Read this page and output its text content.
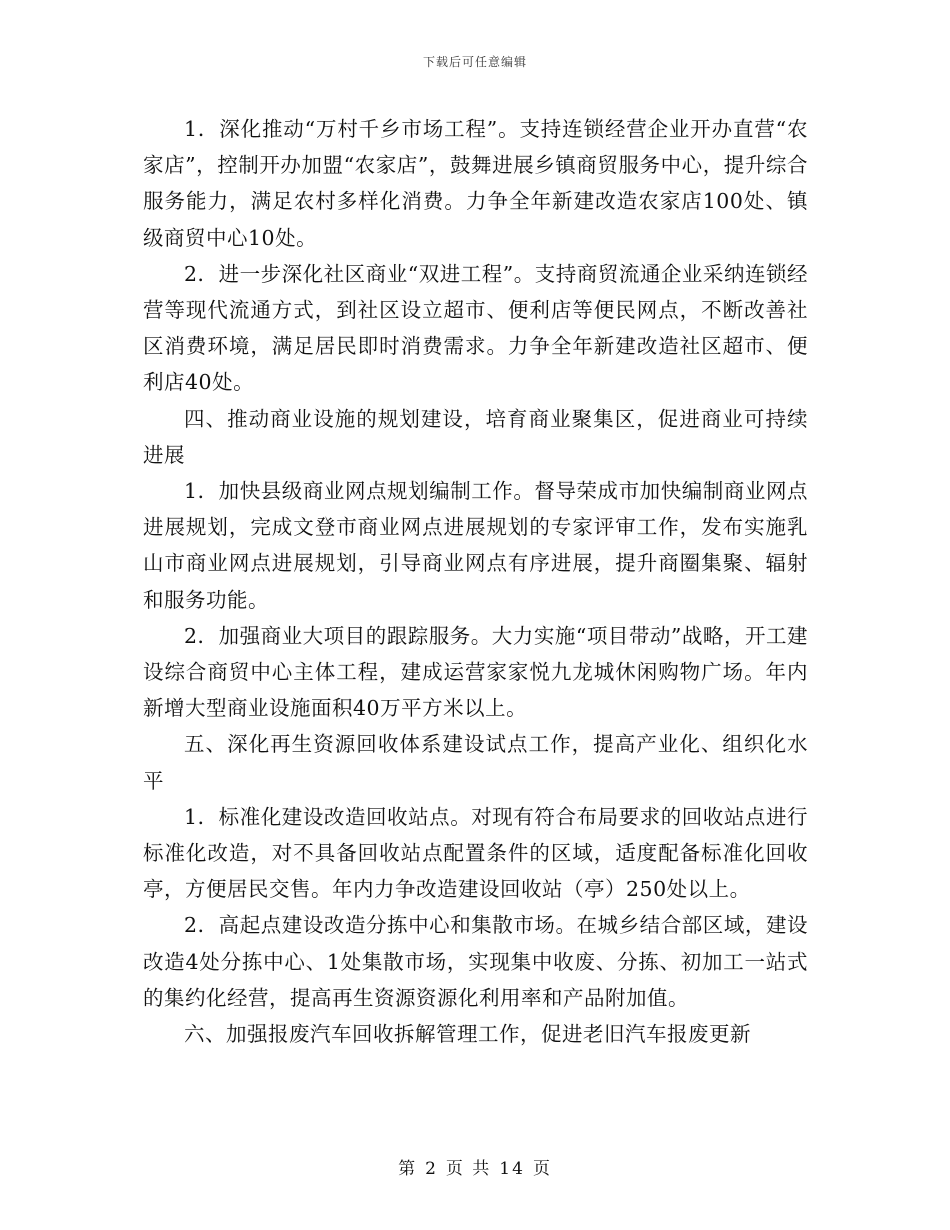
下载后可任意编辑

1．深化推动“万村千乡市场工程”。支持连锁经营企业开办直营“农家店”，控制开办加盟“农家店”，鼓舞进展乡镇商贸服务中心，提升综合服务能力，满足农村多样化消费。力争全年新建改造农家店100处、镇级商贸中心10处。

2．进一步深化社区商业“双进工程”。支持商贸流通企业采纳连锁经营等现代流通方式，到社区设立超市、便利店等便民网点，不断改善社区消费环境，满足居民即时消费需求。力争全年新建改造社区超市、便利店40处。

四、推动商业设施的规划建设，培育商业聚集区，促进商业可持续进展

1．加快县级商业网点规划编制工作。督导荣成市加快编制商业网点进展规划，完成文登市商业网点进展规划的专家评审工作，发布实施乳山市商业网点进展规划，引导商业网点有序进展，提升商圈集聚、辐射和服务功能。

2．加强商业大项目的跟踪服务。大力实施“项目带动”战略，开工建设综合商贸中心主体工程，建成运营家家悦九龙城休闲购物广场。年内新增大型商业设施面积40万平方米以上。

五、深化再生资源回收体系建设试点工作，提高产业化、组织化水平

1．标准化建设改造回收站点。对现有符合布局要求的回收站点进行标准化改造，对不具备回收站点配置条件的区域，适度配备标准化回收亭，方便居民交售。年内力争改造建设回收站（亭）250处以上。

2．高起点建设改造分拣中心和集散市场。在城乡结合部区域，建设改造4处分拣中心、1处集散市场，实现集中收废、分拣、初加工一站式的集约化经营，提高再生资源资源化利用率和产品附加值。

六、加强报废汽车回收拆解管理工作，促进老旧汽车报废更新

第 2 页 共 14 页
